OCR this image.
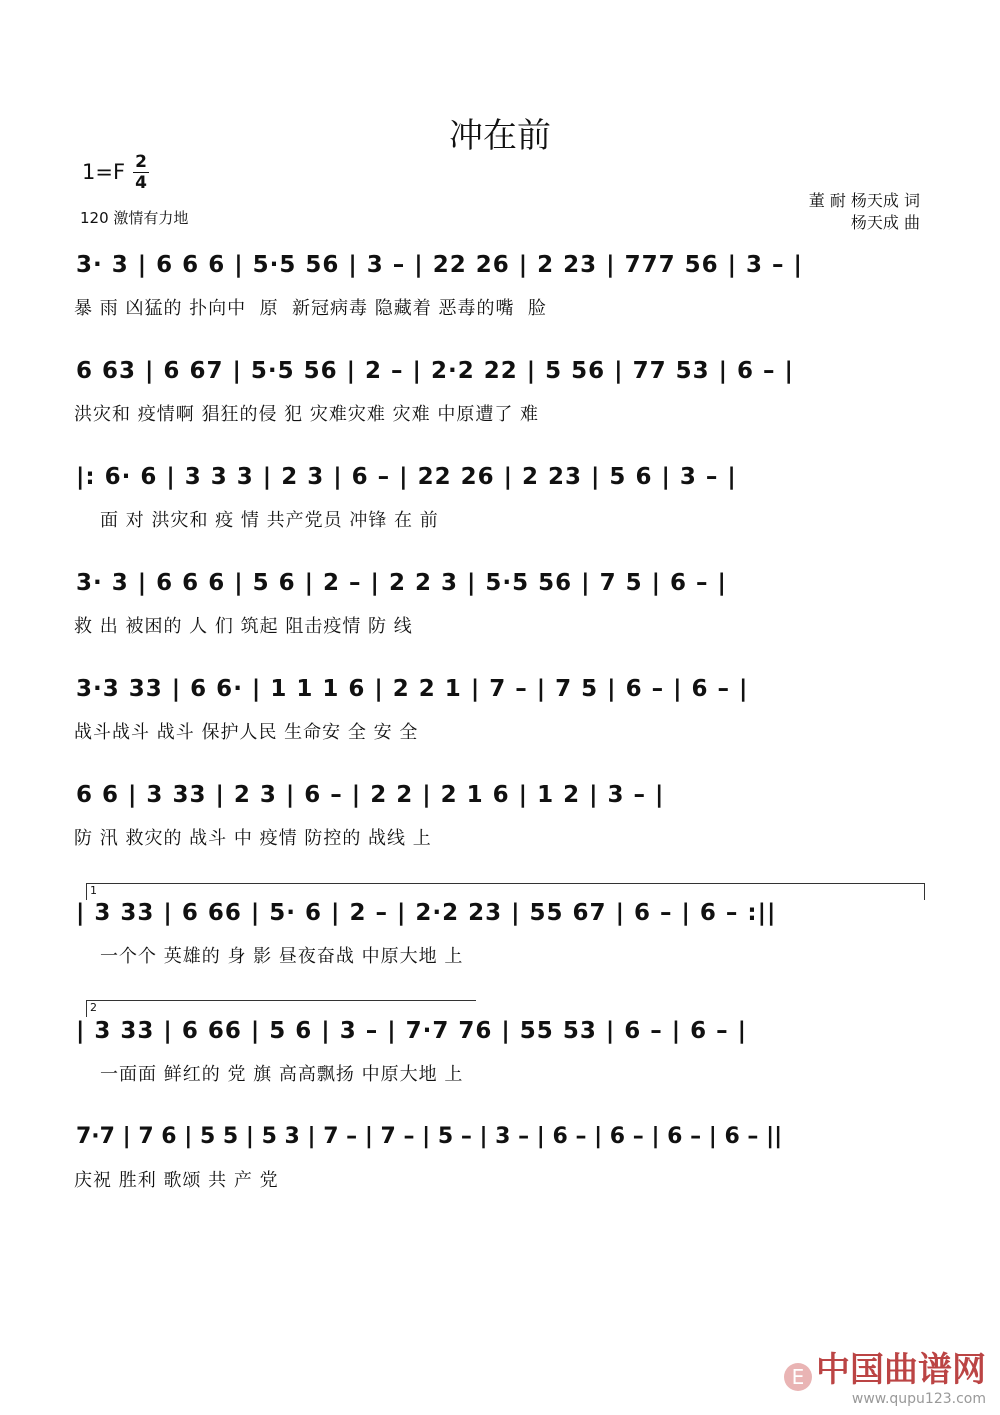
冲在前
1=F 2
4
120 激情有力地
董 耐 杨天成 词
杨天成 曲
3· 3 | 6 6 6 | 5·5 56 | 3 – | 22 26 | 2 23 | 777 56 | 3 – |
暴 雨 凶猛的 扑向中  原  新冠病毒 隐藏着 恶毒的嘴  脸
6 63 | 6 67 | 5·5 56 | 2 – | 2·2 22 | 5 56 | 77 53 | 6 – |
洪灾和 疫情啊 猖狂的侵 犯 灾难灾难 灾难 中原遭了 难
|: 6· 6 | 3 3 3 | 2 3 | 6 – | 22 26 | 2 23 | 5 6 | 3 – |
面 对 洪灾和 疫 情 共产党员 冲锋 在 前
3· 3 | 6 6 6 | 5 6 | 2 – | 2 2 3 | 5·5 56 | 7 5 | 6 – |
救 出 被困的 人 们 筑起 阻击疫情 防 线
3·3 33 | 6 6· | 1 1 1 6 | 2 2 1 | 7 – | 7 5 | 6 – | 6 – |
战斗战斗 战斗 保护人民 生命安 全 安 全
6 6 | 3 33 | 2 3 | 6 – | 2 2 | 2 1 6 | 1 2 | 3 – |
防 汛 救灾的 战斗 中 疫情 防控的 战线 上
1
| 3 33 | 6 66 | 5· 6 | 2 – | 2·2 23 | 55 67 | 6 – | 6 – :||
一个个 英雄的 身 影 昼夜奋战 中原大地 上
2
| 3 33 | 6 66 | 5 6 | 3 – | 7·7 76 | 55 53 | 6 – | 6 – |
一面面 鲜红的 党 旗 高高飘扬 中原大地 上
7·7 | 7 6 | 5 5 | 5 3 | 7 – | 7 – | 5 – | 3 – | 6 – | 6 – | 6 – | 6 – ||
庆祝 胜利 歌颂 共 产 党
E 中国曲谱网
www.qupu123.com
